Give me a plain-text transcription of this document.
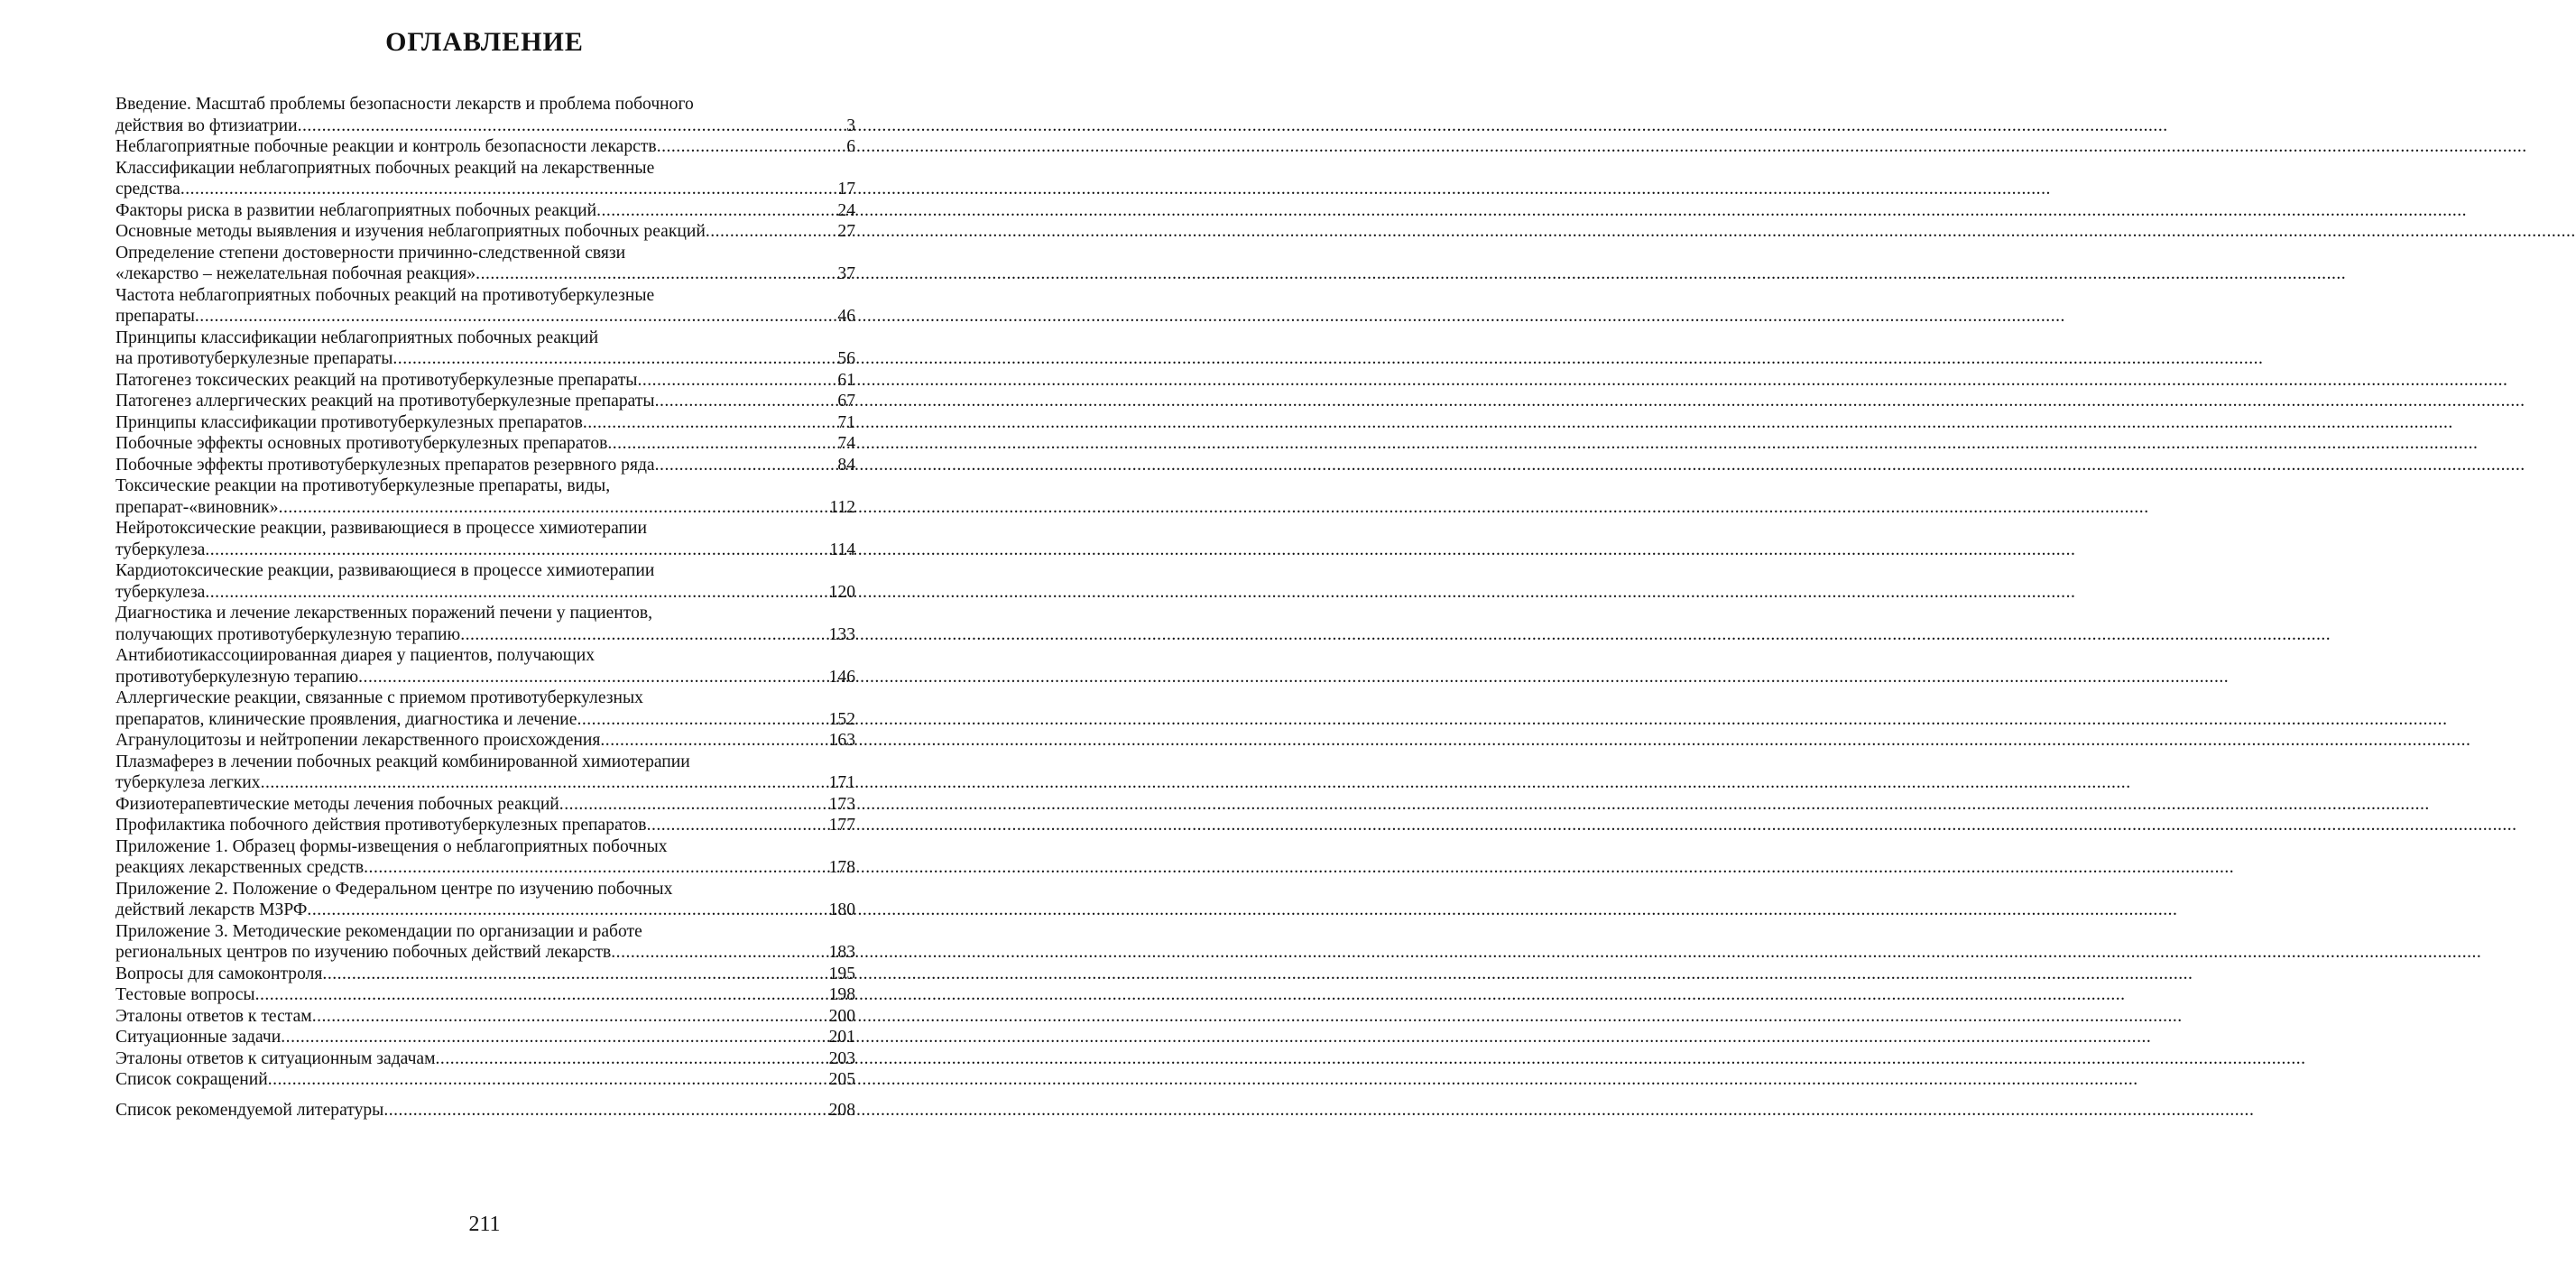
ОГЛАВЛЕНИЕ
Введение. Масштаб проблемы безопасности лекарств и проблема побочного
действия во фтизиатрии .....	3
Неблагоприятные побочные реакции и контроль безопасности лекарств .....	6
Классификации неблагоприятных побочных реакций на лекарственные
средства .....	17
Факторы риска в развитии неблагоприятных побочных реакций .....	24
Основные методы выявления и изучения неблагоприятных побочных реакций .....	27
Определение степени достоверности причинно-следственной связи
«лекарство – нежелательная побочная реакция» .....	37
Частота неблагоприятных побочных реакций на противотуберкулезные
препараты .....	46
Принципы классификации неблагоприятных побочных реакций
на противотуберкулезные препараты .....	56
Патогенез токсических реакций на противотуберкулезные препараты .....	61
Патогенез аллергических реакций на противотуберкулезные препараты .....	67
Принципы классификации противотуберкулезных препаратов .....	71
Побочные эффекты основных противотуберкулезных препаратов .....	74
Побочные эффекты противотуберкулезных препаратов резервного ряда .....	84
Токсические реакции на противотуберкулезные препараты, виды,
препарат-«виновник» .....	112
Нейротоксические реакции, развивающиеся в процессе химиотерапии
туберкулеза .....	114
Кардиотоксические реакции, развивающиеся в процессе химиотерапии
туберкулеза .....	120
Диагностика и лечение лекарственных поражений печени у пациентов,
получающих противотуберкулезную терапию .....	133
Антибиотикассоциированная диарея у пациентов, получающих
противотуберкулезную терапию .....	146
Аллергические реакции, связанные с приемом противотуберкулезных
препаратов, клинические проявления, диагностика и лечение .....	152
Агранулоцитозы и нейтропении лекарственного происхождения .....	163
Плазмаферез в лечении побочных реакций комбинированной химиотерапии
туберкулеза легких .....	171
Физиотерапевтические методы лечения побочных реакций .....	173
Профилактика побочного действия противотуберкулезных препаратов .....	177
Приложение 1. Образец формы-извещения о неблагоприятных побочных
реакциях лекарственных средств .....	178
Приложение 2. Положение о Федеральном центре по изучению побочных
действий лекарств МЗРФ .....	180
Приложение 3. Методические рекомендации по организации и работе
региональных центров по изучению побочных действий лекарств .....	183
Вопросы для самоконтроля .....	195
Тестовые вопросы .....	198
Эталоны ответов к тестам .....	200
Ситуационные задачи .....	201
Эталоны ответов к ситуационным задачам .....	203
Список сокращений .....	205
Список рекомендуемой литературы .....	208
211
